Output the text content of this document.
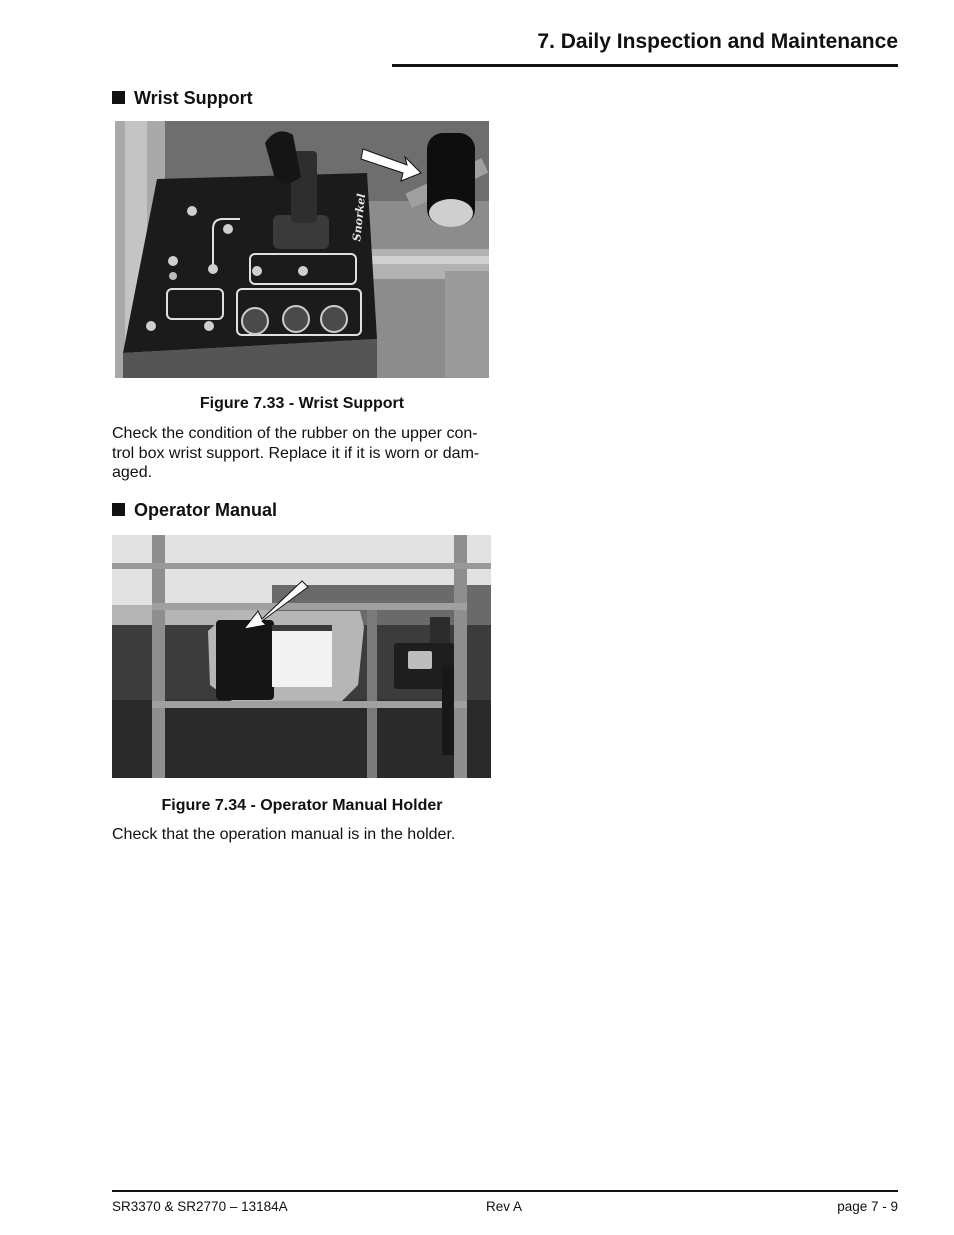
7. Daily Inspection and Maintenance
Wrist Support
Snorkel
Figure 7.33 - Wrist Support
Check the condition of the rubber on the upper con-
trol box wrist support. Replace it if it is worn or dam-
aged.
Operator Manual
Figure 7.34 - Operator Manual Holder
Check that the operation manual is in the holder.
SR3370 & SR2770 – 13184A	Rev A	page 7 - 9
